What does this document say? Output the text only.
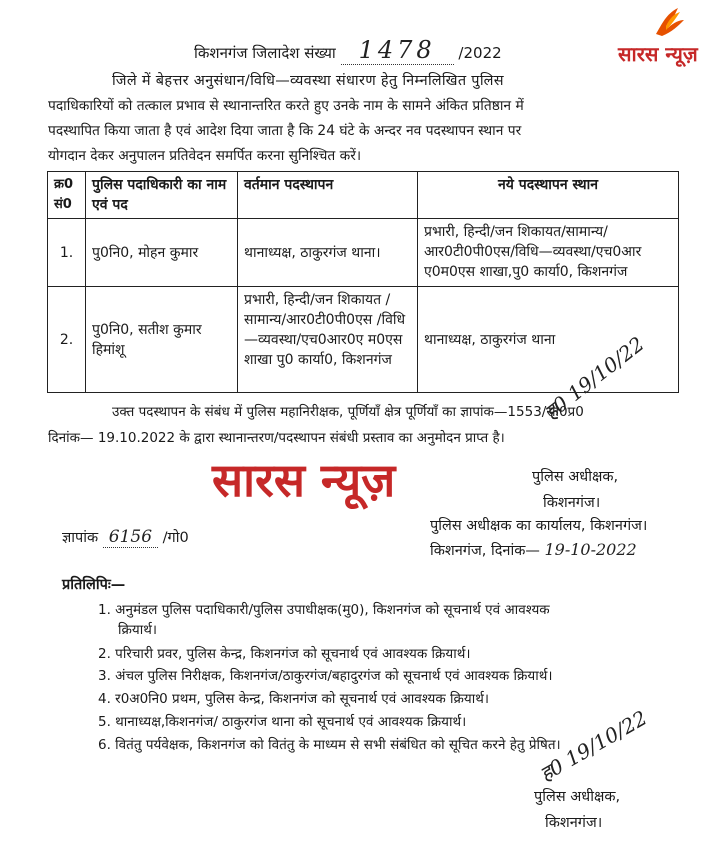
सारस न्यूज़
किशनगंज जिलादेश संख्या 1478 /2022
जिले में बेहत्तर अनुसंधान/विधि—व्यवस्था संधारण हेतु निम्नलिखित पुलिस
पदाधिकारियों को तत्काल प्रभाव से स्थानान्तरित करते हुए उनके नाम के सामने अंकित प्रतिष्ठान में
पदस्थापित किया जाता है एवं आदेश दिया जाता है कि 24 घंटे के अन्दर नव पदस्थापन स्थान पर
योगदान देकर अनुपालन प्रतिवेदन समर्पित करना सुनिश्चित करें।
क्र0 सं0	पुलिस पदाधिकारी का नाम एवं पद	वर्तमान पदस्थापन	नये पदस्थापन स्थान
1.	पु0नि0, मोहन कुमार	थानाध्यक्ष, ठाकुरगंज थाना।	प्रभारी, हिन्दी/जन शिकायत/सामान्य/ आर0टी0पी0एस/विधि—व्यवस्था/एच0आर ए0म0एस शाखा,पु0 कार्या0, किशनगंज
2.	पु0नि0, सतीश कुमार हिमांशू	प्रभारी, हिन्दी/जन शिकायत /सामान्य/आर0टी0पी0एस /विधि—व्यवस्था/एच0आर0ए म0एस शाखा पु0 कार्या0, किशनगंज	थानाध्यक्ष, ठाकुरगंज थाना
उक्त पदस्थापन के संबंध में पुलिस महानिरीक्षक, पूर्णियाँ क्षेत्र पूर्णियाँ का ज्ञापांक—1553/सा0प्र0
दिनांक— 19.10.2022 के द्वारा स्थानान्तरण/पदस्थापन संबंधी प्रस्ताव का अनुमोदन प्राप्त है।
ह0 19/10/22
पुलिस अधीक्षक,
किशनगंज।
सारस न्यूज़
ज्ञापांक 6156 /गो0
पुलिस अधीक्षक का कार्यालय, किशनगंज।
किशनगंज, दिनांक— 19-10-2022
प्रतिलिपिः—
1. अनुमंडल पुलिस पदाधिकारी/पुलिस उपाधीक्षक(मु0), किशनगंज को सूचनार्थ एवं आवश्यक
क्रियार्थ।
2. परिचारी प्रवर, पुलिस केन्द्र, किशनगंज को सूचनार्थ एवं आवश्यक क्रियार्थ।
3. अंचल पुलिस निरीक्षक, किशनगंज/ठाकुरगंज/बहादुरगंज को सूचनार्थ एवं आवश्यक क्रियार्थ।
4. र0अ0नि0 प्रथम, पुलिस केन्द्र, किशनगंज को सूचनार्थ एवं आवश्यक क्रियार्थ।
5. थानाध्यक्ष,किशनगंज/ ठाकुरगंज थाना को सूचनार्थ एवं आवश्यक क्रियार्थ।
6. वितंतु पर्यवेक्षक, किशनगंज को वितंतु के माध्यम से सभी संबंधित को सूचित करने हेतु प्रेषित।
ह0 19/10/22
पुलिस अधीक्षक,
किशनगंज।
